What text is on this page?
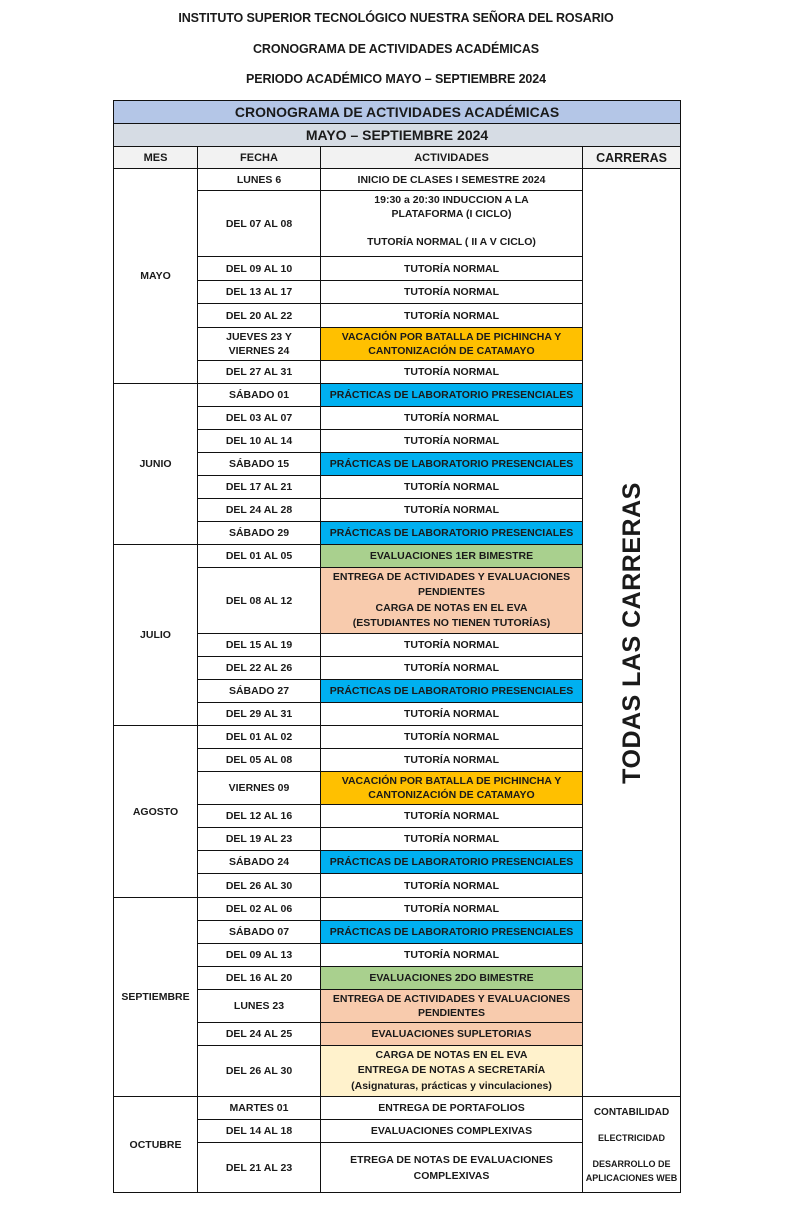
INSTITUTO SUPERIOR TECNOLÓGICO NUESTRA SEÑORA DEL ROSARIO
CRONOGRAMA DE ACTIVIDADES ACADÉMICAS
PERIODO ACADÉMICO MAYO – SEPTIEMBRE 2024
CRONOGRAMA DE ACTIVIDADES ACADÉMICAS			
MAYO – SEPTIEMBRE 2024			
MES	FECHA	ACTIVIDADES	CARRERAS
MAYO	LUNES 6	INICIO DE CLASES I SEMESTRE 2024	TODAS LAS CARRERAS

	DEL 07 AL 08	19:30 a 20:30 INDUCCION A LA
PLATAFORMA (I CICLO)
TUTORÍA NORMAL ( II A V CICLO)	

	DEL 09 AL 10	TUTORÍA NORMAL	
	DEL 13 AL 17	TUTORÍA NORMAL	
	DEL 20 AL 22	TUTORÍA NORMAL	

	JUEVES 23 Y
VIERNES 24	VACACIÓN POR BATALLA DE PICHINCHA Y
CANTONIZACIÓN DE CATAMAYO	

	DEL 27 AL 31	TUTORÍA NORMAL	
JUNIO	SÁBADO 01	PRÁCTICAS DE LABORATORIO PRESENCIALES	
	DEL 03 AL 07	TUTORÍA NORMAL	
	DEL 10 AL 14	TUTORÍA NORMAL	
	SÁBADO 15	PRÁCTICAS DE LABORATORIO PRESENCIALES	
	DEL 17 AL 21	TUTORÍA NORMAL	
	DEL 24 AL 28	TUTORÍA NORMAL	
	SÁBADO 29	PRÁCTICAS DE LABORATORIO PRESENCIALES	
JULIO	DEL 01 AL 05	EVALUACIONES 1ER BIMESTRE	
	DEL 08 AL 12	ENTREGA DE ACTIVIDADES Y EVALUACIONES
PENDIENTES
CARGA DE NOTAS EN EL EVA
(ESTUDIANTES NO TIENEN TUTORÍAS)	

	DEL 15 AL 19	TUTORÍA NORMAL	
	DEL 22 AL 26	TUTORÍA NORMAL	
	SÁBADO 27	PRÁCTICAS DE LABORATORIO PRESENCIALES	
	DEL 29 AL 31	TUTORÍA NORMAL	
AGOSTO	DEL 01 AL 02	TUTORÍA NORMAL	
	DEL 05 AL 08	TUTORÍA NORMAL	
	VIERNES 09	VACACIÓN POR BATALLA DE PICHINCHA Y
CANTONIZACIÓN DE CATAMAYO	

	DEL 12 AL 16	TUTORÍA NORMAL	
	DEL 19 AL 23	TUTORÍA NORMAL	
	SÁBADO 24	PRÁCTICAS DE LABORATORIO PRESENCIALES	
	DEL 26 AL 30	TUTORÍA NORMAL	
SEPTIEMBRE	DEL 02 AL 06	TUTORÍA NORMAL	
	SÁBADO 07	PRÁCTICAS DE LABORATORIO PRESENCIALES	
	DEL 09 AL 13	TUTORÍA NORMAL	
	DEL 16 AL 20	EVALUACIONES 2DO BIMESTRE	
	LUNES 23	ENTREGA DE ACTIVIDADES Y EVALUACIONES
PENDIENTES	

	DEL 24 AL 25	EVALUACIONES SUPLETORIAS	
	DEL 26 AL 30	CARGA DE NOTAS EN EL EVA
ENTREGA DE NOTAS A SECRETARÍA
(Asignaturas, prácticas y vinculaciones)	

OCTUBRE	MARTES 01	ENTREGA DE PORTAFOLIOS	CONTABILIDAD
ELECTRICIDAD
DESARROLLO DE APLICACIONES WEB

	DEL 14 AL 18	EVALUACIONES COMPLEXIVAS	
	DEL 21 AL 23	ETREGA DE NOTAS DE EVALUACIONES
COMPLEXIVAS	
